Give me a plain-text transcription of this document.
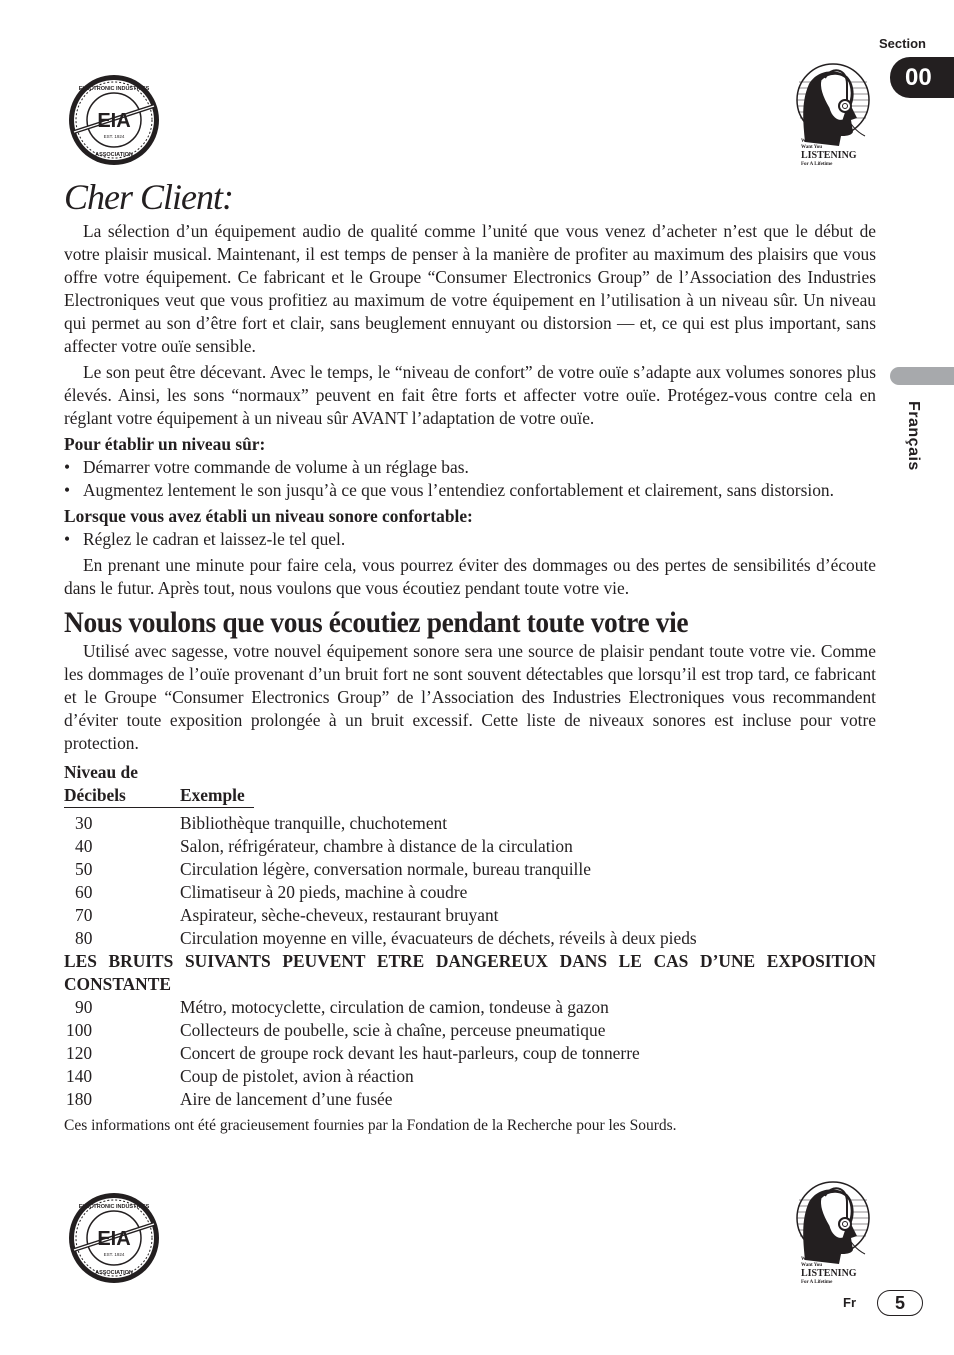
Section
00
Français
EIA
EST. 1924
ELECTRONIC INDUSTRIES
ASSOCIATION
We
Want You
LISTENING
For A Lifetime
Cher Client:

La sélection d’un équipement audio de qualité comme l’unité que vous venez d’acheter n’est que le début de votre plaisir musical. Maintenant, il est temps de penser à la manière de profiter au maximum des plaisirs que vous offre votre équipement. Ce fabricant et le Groupe “Consumer Electronics Group” de l’Association des Industries Electroniques veut que vous profitiez au maximum de votre équipement en l’utilisation à un niveau sûr. Un niveau qui permet au son d’être fort et clair, sans beuglement ennuyant ou distorsion — et, ce qui est plus important, sans affecter votre ouïe sensible.

Le son peut être décevant. Avec le temps, le “niveau de confort” de votre ouïe s’adapte aux volumes sonores plus élevés. Ainsi, les sons “normaux” peuvent en fait être forts et affecter votre ouïe. Protégez-vous contre cela en réglant votre équipement à un niveau sûr AVANT l’adaptation de votre ouïe.

Pour établir un niveau sûr:
• Démarrer votre commande de volume à un réglage bas.
• Augmentez lentement le son jusqu’à ce que vous l’entendiez confortablement et clairement, sans distorsion.
Lorsque vous avez établi un niveau sonore confortable:
• Réglez le cadran et laissez-le tel quel.

En prenant une minute pour faire cela, vous pourrez éviter des dommages ou des pertes de sensibilités d’écoute dans le futur. Après tout, nous voulons que vous écoutiez pendant toute votre vie.

Nous voulons que vous écoutiez pendant toute votre vie

Utilisé avec sagesse, votre nouvel équipement sonore sera une source de plaisir pendant toute votre vie. Comme les dommages de l’ouïe provenant d’un bruit fort ne sont souvent détectables que lorsqu’il est trop tard, ce fabricant et le Groupe “Consumer Electronics Group” de l’Association des Industries Electroniques vous recommandent d’éviter toute exposition prolongée à un bruit excessif. Cette liste de niveaux sonores est incluse pour votre protection.

Niveau de
Décibels	Exemple
30	Bibliothèque tranquille, chuchotement
40	Salon, réfrigérateur, chambre à distance de la circulation
50	Circulation légère, conversation normale, bureau tranquille
60	Climatiseur à 20 pieds, machine à coudre
70	Aspirateur, sèche-cheveux, restaurant bruyant
80	Circulation moyenne en ville, évacuateurs de déchets, réveils à deux pieds
LES BRUITS SUIVANTS PEUVENT ETRE DANGEREUX DANS LE CAS D’UNE EXPOSITION CONSTANTE
90	Métro, motocyclette, circulation de camion, tondeuse à gazon
100	Collecteurs de poubelle, scie à chaîne, perceuse pneumatique
120	Concert de groupe rock devant les haut-parleurs, coup de tonnerre
140	Coup de pistolet, avion à réaction
180	Aire de lancement d’une fusée
Ces informations ont été gracieusement fournies par la Fondation de la Recherche pour les Sourds.
EIA
EST. 1924
ELECTRONIC INDUSTRIES
ASSOCIATION
We
Want You
LISTENING
For A Lifetime
Fr	5
